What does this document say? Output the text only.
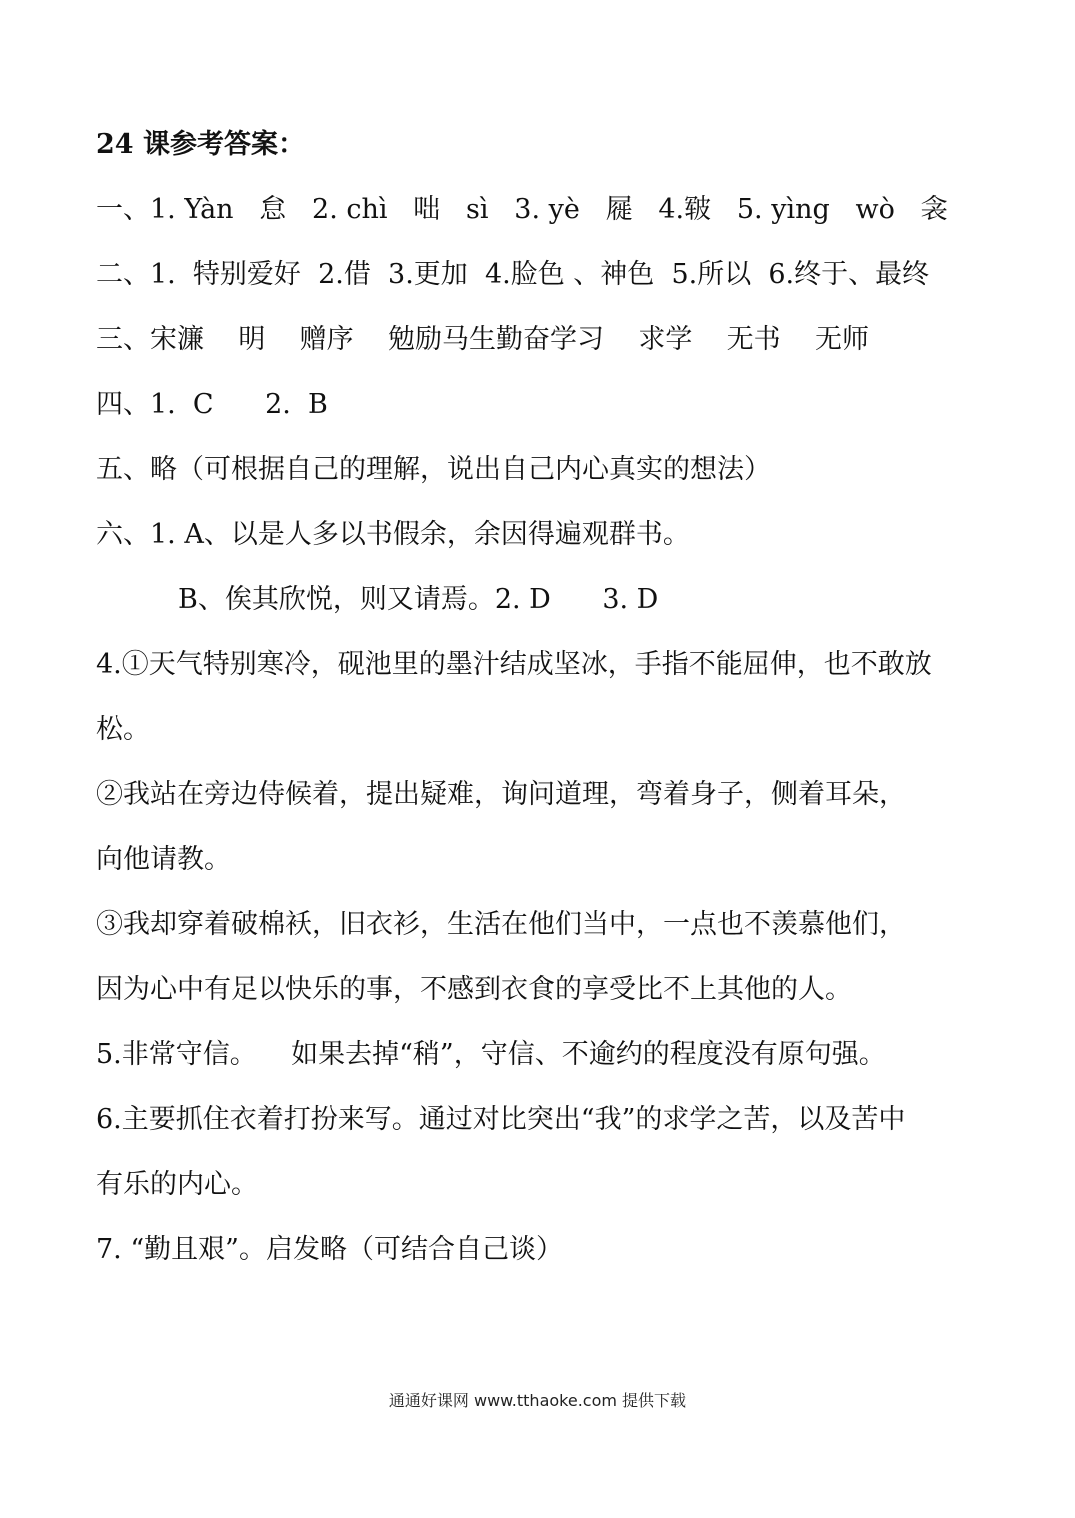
24 课参考答案：
一、1. Yàn   怠   2. chì   咄   sì   3. yè   屣   4.皲   5. yìng   wò   衾
二、1.  特别爱好  2.借  3.更加  4.脸色 、神色  5.所以  6.终于、最终
三、宋濂    明    赠序    勉励马生勤奋学习    求学    无书    无师
四、1.  C      2.  B
五、略（可根据自己的理解，说出自己内心真实的想法）
六、1. A、以是人多以书假余，余因得遍观群书。
B、俟其欣悦，则又请焉。2. D      3. D
4.①天气特别寒冷，砚池里的墨汁结成坚冰，手指不能屈伸，也不敢放
松。
②我站在旁边侍候着，提出疑难，询问道理，弯着身子，侧着耳朵，
向他请教。
③我却穿着破棉袄，旧衣衫，生活在他们当中，一点也不羡慕他们，
因为心中有足以快乐的事，不感到衣食的享受比不上其他的人。
5.非常守信。    如果去掉“稍”，守信、不逾约的程度没有原句强。
6.主要抓住衣着打扮来写。通过对比突出“我”的求学之苦，以及苦中
有乐的内心。
7. “勤且艰”。启发略（可结合自己谈）
通通好课网 www.tthaoke.com 提供下载
